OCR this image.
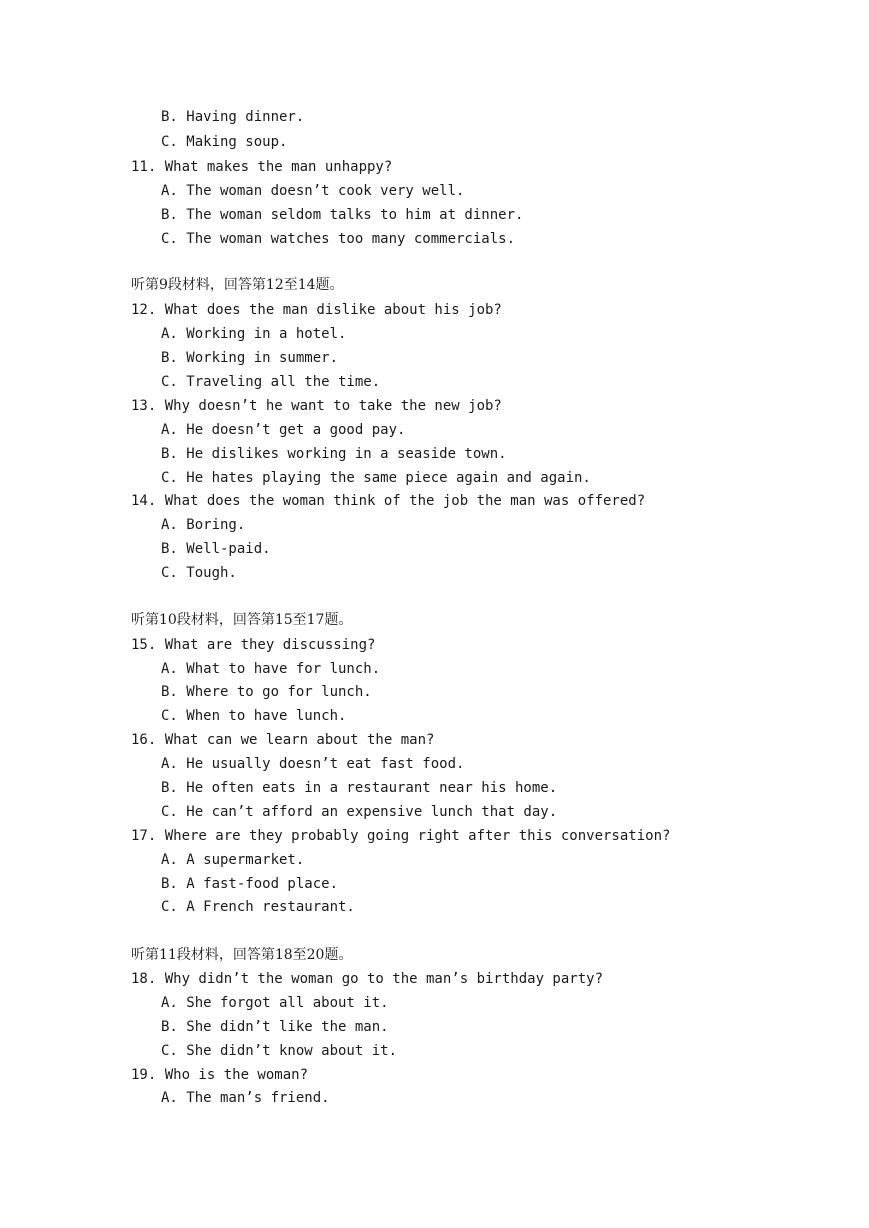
B. Having dinner.
C. Making soup.
11. What makes the man unhappy?
A. The woman doesn’t cook very well.
B. The woman seldom talks to him at dinner.
C. The woman watches too many commercials.
听第9段材料，回答第12至14题。
12. What does the man dislike about his job?
A. Working in a hotel.
B. Working in summer.
C. Traveling all the time.
13. Why doesn’t he want to take the new job?
A. He doesn’t get a good pay.
B. He dislikes working in a seaside town.
C. He hates playing the same piece again and again.
14. What does the woman think of the job the man was offered?
A. Boring.
B. Well-paid.
C. Tough.
听第10段材料，回答第15至17题。
15. What are they discussing?
A. What to have for lunch.
B. Where to go for lunch.
C. When to have lunch.
16. What can we learn about the man?
A. He usually doesn’t eat fast food.
B. He often eats in a restaurant near his home.
C. He can’t afford an expensive lunch that day.
17. Where are they probably going right after this conversation?
A. A supermarket.
B. A fast-food place.
C. A French restaurant.
听第11段材料，回答第18至20题。
18. Why didn’t the woman go to the man’s birthday party?
A. She forgot all about it.
B. She didn’t like the man.
C. She didn’t know about it.
19. Who is the woman?
A. The man’s friend.
